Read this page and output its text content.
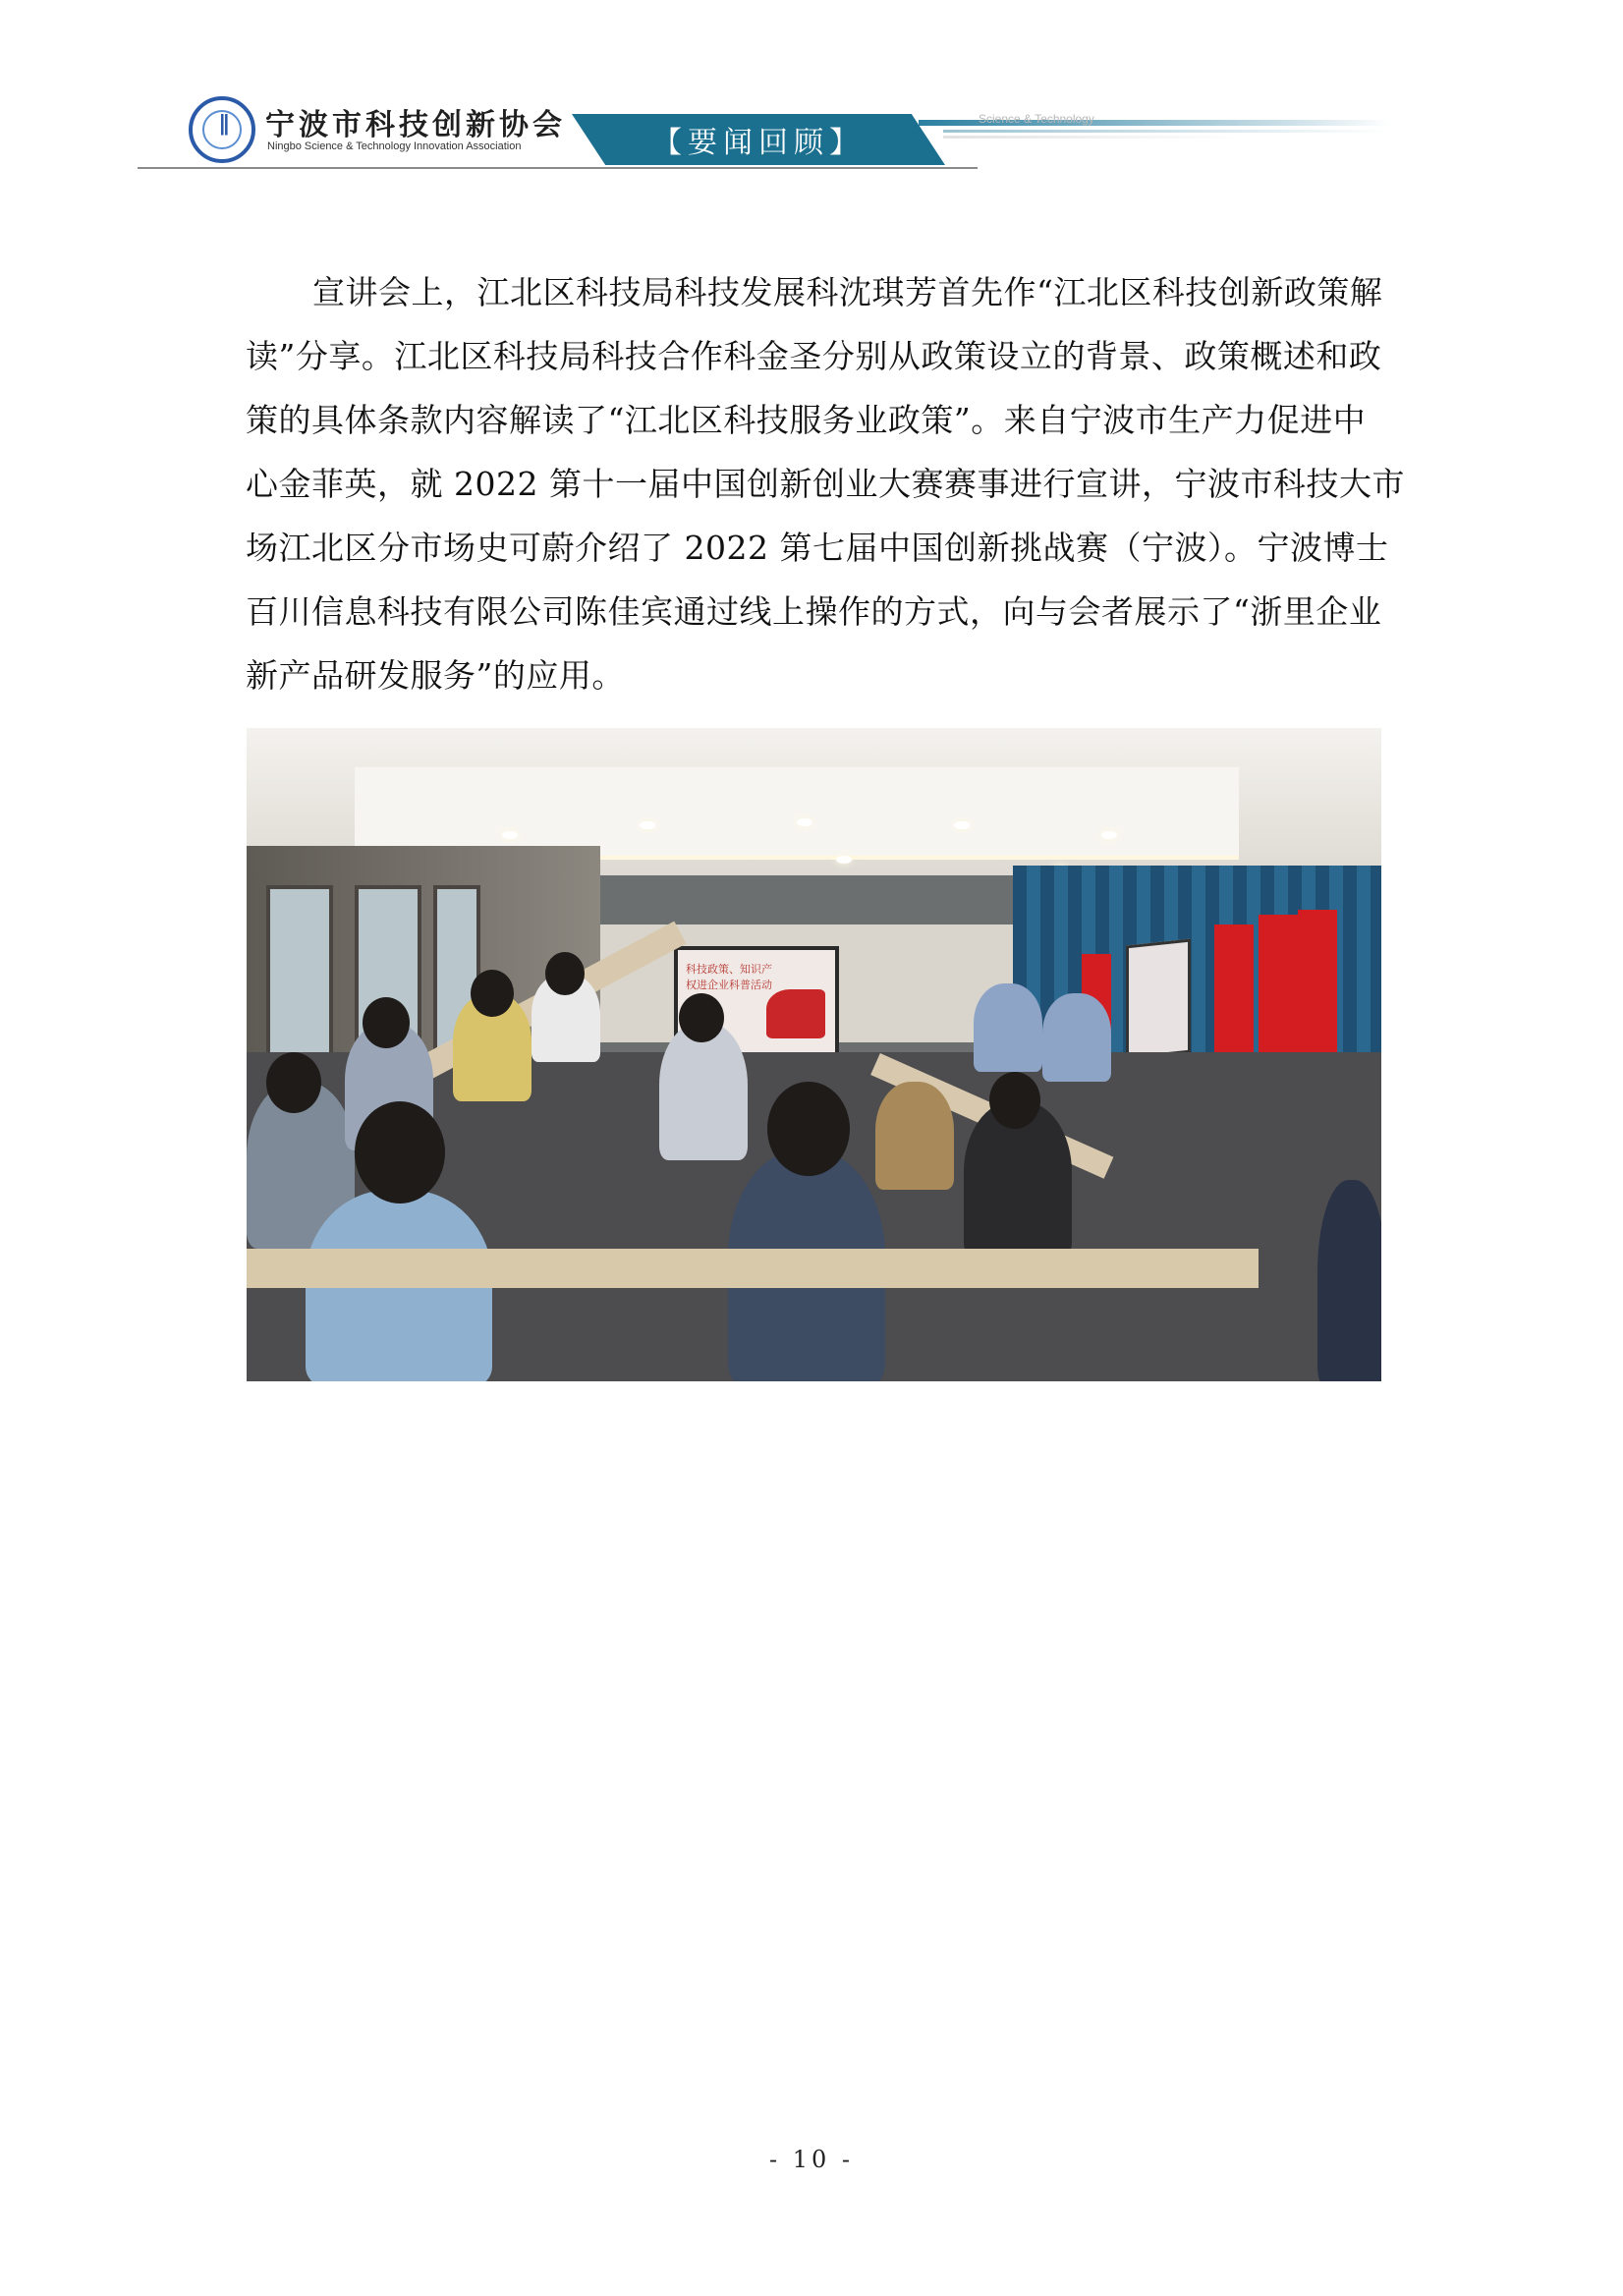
∥	宁波市科技创新协会
Ningbo Science & Technology Innovation Association	【要闻回顾】
Science & Technology
宣讲会上，江北区科技局科技发展科沈琪芳首先作“江北区科技创新政策解
读”分享。江北区科技局科技合作科金圣分别从政策设立的背景、政策概述和政
策的具体条款内容解读了“江北区科技服务业政策”。来自宁波市生产力促进中
心金菲英，就 2022 第十一届中国创新创业大赛赛事进行宣讲，宁波市科技大市
场江北区分市场史可蔚介绍了 2022 第七届中国创新挑战赛（宁波）。宁波博士
百川信息科技有限公司陈佳宾通过线上操作的方式，向与会者展示了“浙里企业
新产品研发服务”的应用。
科技政策、知识产权进企业科普活动
- 10 -
